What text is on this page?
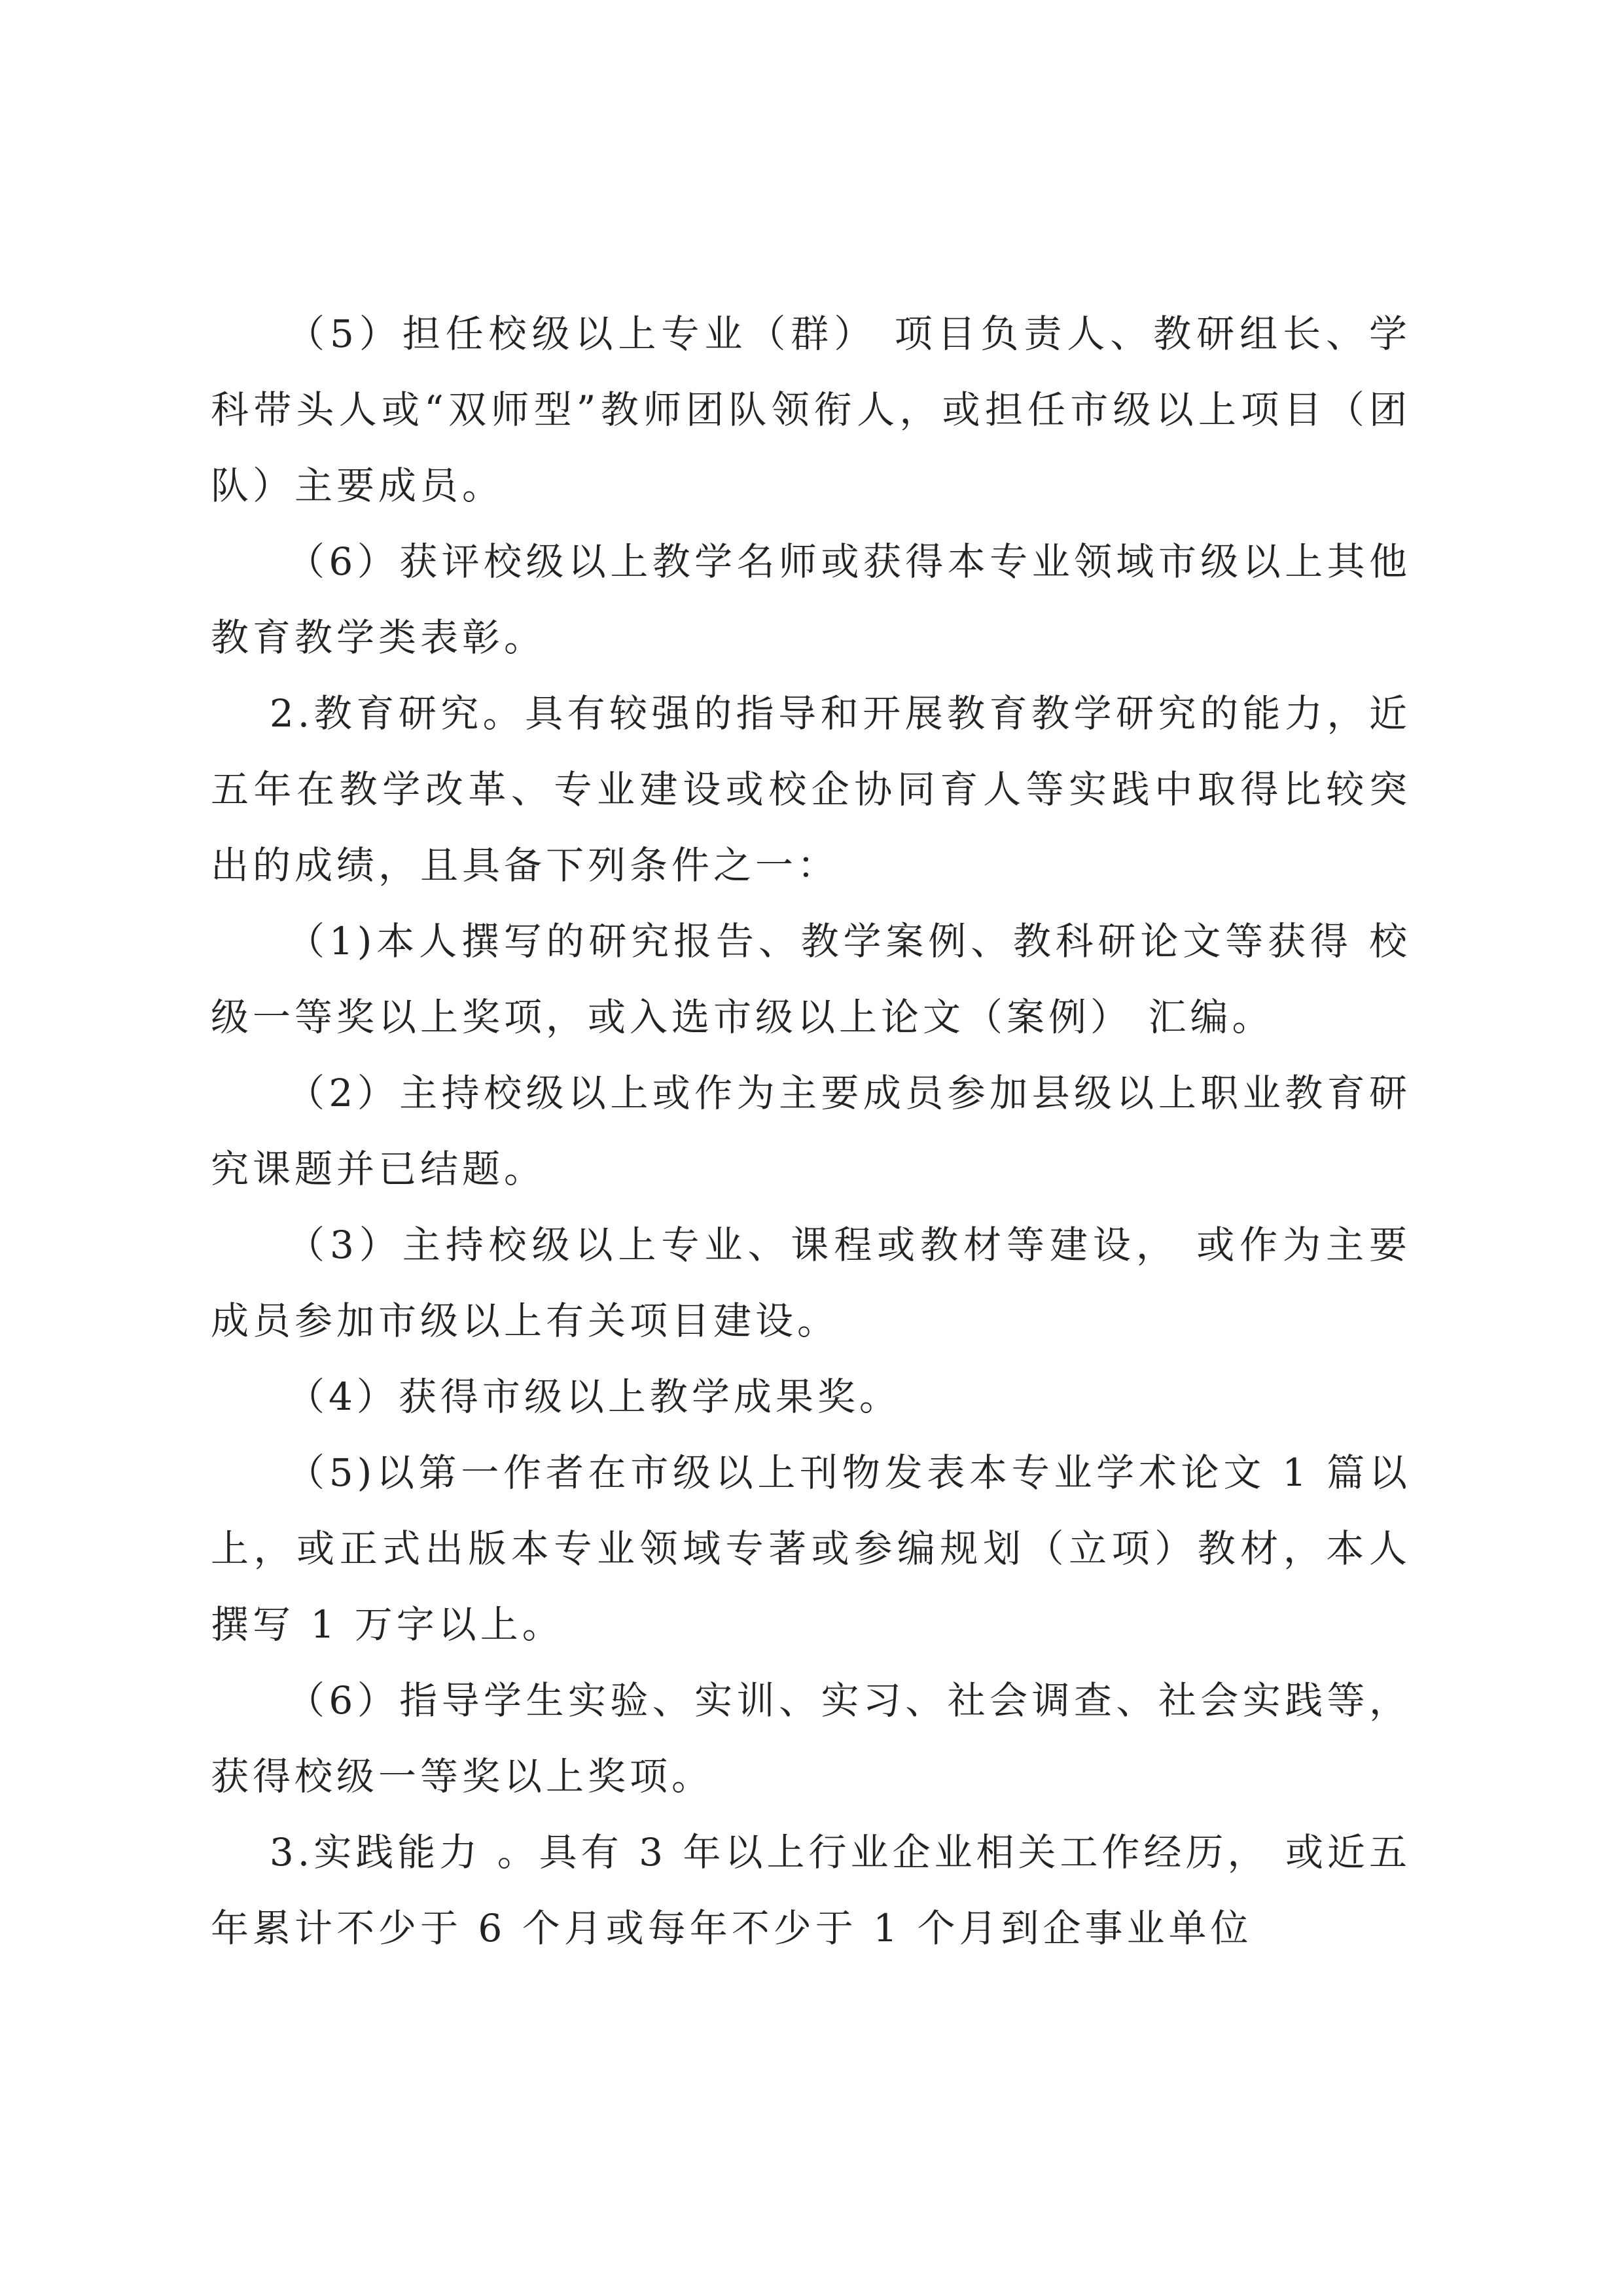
（5）担任校级以上专业（群） 项目负责人、教研组长、学科带头人或“双师型”教师团队领衔人，或担任市级以上项目（团队）主要成员。

（6）获评校级以上教学名师或获得本专业领域市级以上其他教育教学类表彰。

2.教育研究。具有较强的指导和开展教育教学研究的能力，近五年在教学改革、专业建设或校企协同育人等实践中取得比较突出的成绩，且具备下列条件之一：

（1)本人撰写的研究报告、教学案例、教科研论文等获得 校级一等奖以上奖项，或入选市级以上论文（案例） 汇编。

（2）主持校级以上或作为主要成员参加县级以上职业教育研究课题并已结题。

（3）主持校级以上专业、课程或教材等建设， 或作为主要成员参加市级以上有关项目建设。

（4）获得市级以上教学成果奖。

（5)以第一作者在市级以上刊物发表本专业学术论文 1 篇以上，或正式出版本专业领域专著或参编规划（立项）教材，本人撰写 1 万字以上。

（6）指导学生实验、实训、实习、社会调查、社会实践等，获得校级一等奖以上奖项。

3.实践能力 。具有 3 年以上行业企业相关工作经历， 或近五 年累计不少于 6 个月或每年不少于 1 个月到企事业单位
